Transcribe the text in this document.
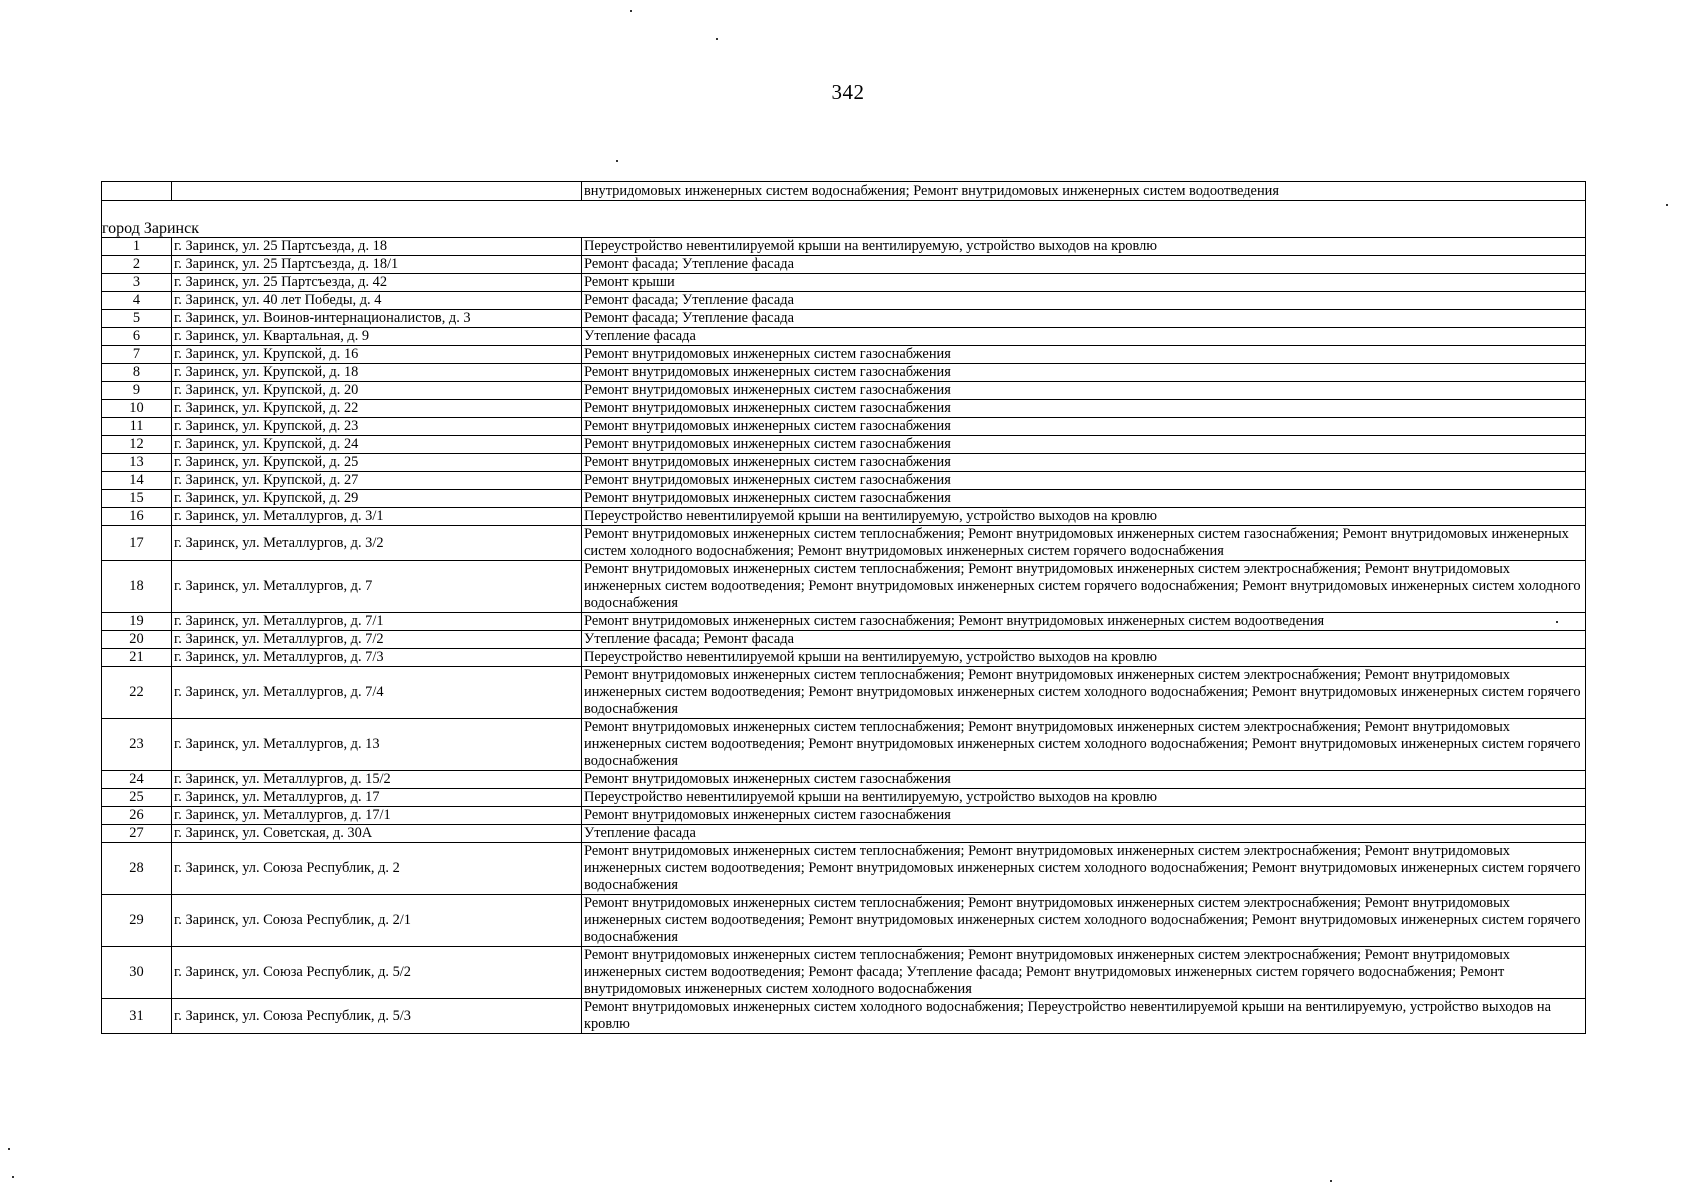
342
		внутридомовых инженерных систем водоснабжения; Ремонт внутридомовых инженерных систем водоотведения

город Заринск		
1	г. Заринск, ул. 25 Партсъезда, д. 18	Переустройство невентилируемой крыши на вентилируемую, устройство выходов на кровлю
2	г. Заринск, ул. 25 Партсъезда, д. 18/1	Ремонт фасада; Утепление фасада
3	г. Заринск, ул. 25 Партсъезда, д. 42	Ремонт крыши
4	г. Заринск, ул. 40 лет Победы, д. 4	Ремонт фасада; Утепление фасада
5	г. Заринск, ул. Воинов-интернационалистов, д. 3	Ремонт фасада; Утепление фасада
6	г. Заринск, ул. Квартальная, д. 9	Утепление фасада
7	г. Заринск, ул. Крупской, д. 16	Ремонт внутридомовых инженерных систем газоснабжения
8	г. Заринск, ул. Крупской, д. 18	Ремонт внутридомовых инженерных систем газоснабжения
9	г. Заринск, ул. Крупской, д. 20	Ремонт внутридомовых инженерных систем газоснабжения
10	г. Заринск, ул. Крупской, д. 22	Ремонт внутридомовых инженерных систем газоснабжения
11	г. Заринск, ул. Крупской, д. 23	Ремонт внутридомовых инженерных систем газоснабжения
12	г. Заринск, ул. Крупской, д. 24	Ремонт внутридомовых инженерных систем газоснабжения
13	г. Заринск, ул. Крупской, д. 25	Ремонт внутридомовых инженерных систем газоснабжения
14	г. Заринск, ул. Крупской, д. 27	Ремонт внутридомовых инженерных систем газоснабжения
15	г. Заринск, ул. Крупской, д. 29	Ремонт внутридомовых инженерных систем газоснабжения
16	г. Заринск, ул. Металлургов, д. 3/1	Переустройство невентилируемой крыши на вентилируемую, устройство выходов на кровлю
17	г. Заринск, ул. Металлургов, д. 3/2	Ремонт внутридомовых инженерных систем теплоснабжения; Ремонт внутридомовых инженерных систем газоснабжения; Ремонт внутридомовых инженерных систем холодного водоснабжения; Ремонт внутридомовых инженерных систем горячего водоснабжения
18	г. Заринск, ул. Металлургов, д. 7	Ремонт внутридомовых инженерных систем теплоснабжения; Ремонт внутридомовых инженерных систем электроснабжения; Ремонт внутридомовых инженерных систем водоотведения; Ремонт внутридомовых инженерных систем горячего водоснабжения; Ремонт внутридомовых инженерных систем холодного водоснабжения
19	г. Заринск, ул. Металлургов, д. 7/1	Ремонт внутридомовых инженерных систем газоснабжения; Ремонт внутридомовых инженерных систем водоотведения
20	г. Заринск, ул. Металлургов, д. 7/2	Утепление фасада; Ремонт фасада
21	г. Заринск, ул. Металлургов, д. 7/3	Переустройство невентилируемой крыши на вентилируемую, устройство выходов на кровлю
22	г. Заринск, ул. Металлургов, д. 7/4	Ремонт внутридомовых инженерных систем теплоснабжения; Ремонт внутридомовых инженерных систем электроснабжения; Ремонт внутридомовых инженерных систем водоотведения; Ремонт внутридомовых инженерных систем холодного водоснабжения; Ремонт внутридомовых инженерных систем горячего водоснабжения
23	г. Заринск, ул. Металлургов, д. 13	Ремонт внутридомовых инженерных систем теплоснабжения; Ремонт внутридомовых инженерных систем электроснабжения; Ремонт внутридомовых инженерных систем водоотведения; Ремонт внутридомовых инженерных систем холодного водоснабжения; Ремонт внутридомовых инженерных систем горячего водоснабжения
24	г. Заринск, ул. Металлургов, д. 15/2	Ремонт внутридомовых инженерных систем газоснабжения
25	г. Заринск, ул. Металлургов, д. 17	Переустройство невентилируемой крыши на вентилируемую, устройство выходов на кровлю
26	г. Заринск, ул. Металлургов, д. 17/1	Ремонт внутридомовых инженерных систем газоснабжения
27	г. Заринск, ул. Советская, д. 30А	Утепление фасада
28	г. Заринск, ул. Союза Республик, д. 2	Ремонт внутридомовых инженерных систем теплоснабжения; Ремонт внутридомовых инженерных систем электроснабжения; Ремонт внутридомовых инженерных систем водоотведения; Ремонт внутридомовых инженерных систем холодного водоснабжения; Ремонт внутридомовых инженерных систем горячего водоснабжения
29	г. Заринск, ул. Союза Республик, д. 2/1	Ремонт внутридомовых инженерных систем теплоснабжения; Ремонт внутридомовых инженерных систем электроснабжения; Ремонт внутридомовых инженерных систем водоотведения; Ремонт внутридомовых инженерных систем холодного водоснабжения; Ремонт внутридомовых инженерных систем горячего водоснабжения
30	г. Заринск, ул. Союза Республик, д. 5/2	Ремонт внутридомовых инженерных систем теплоснабжения; Ремонт внутридомовых инженерных систем электроснабжения; Ремонт внутридомовых инженерных систем водоотведения; Ремонт фасада; Утепление фасада; Ремонт внутридомовых инженерных систем горячего водоснабжения; Ремонт внутридомовых инженерных систем холодного водоснабжения
31	г. Заринск, ул. Союза Республик, д. 5/3	Ремонт внутридомовых инженерных систем холодного водоснабжения; Переустройство невентилируемой крыши на вентилируемую, устройство выходов на кровлю
